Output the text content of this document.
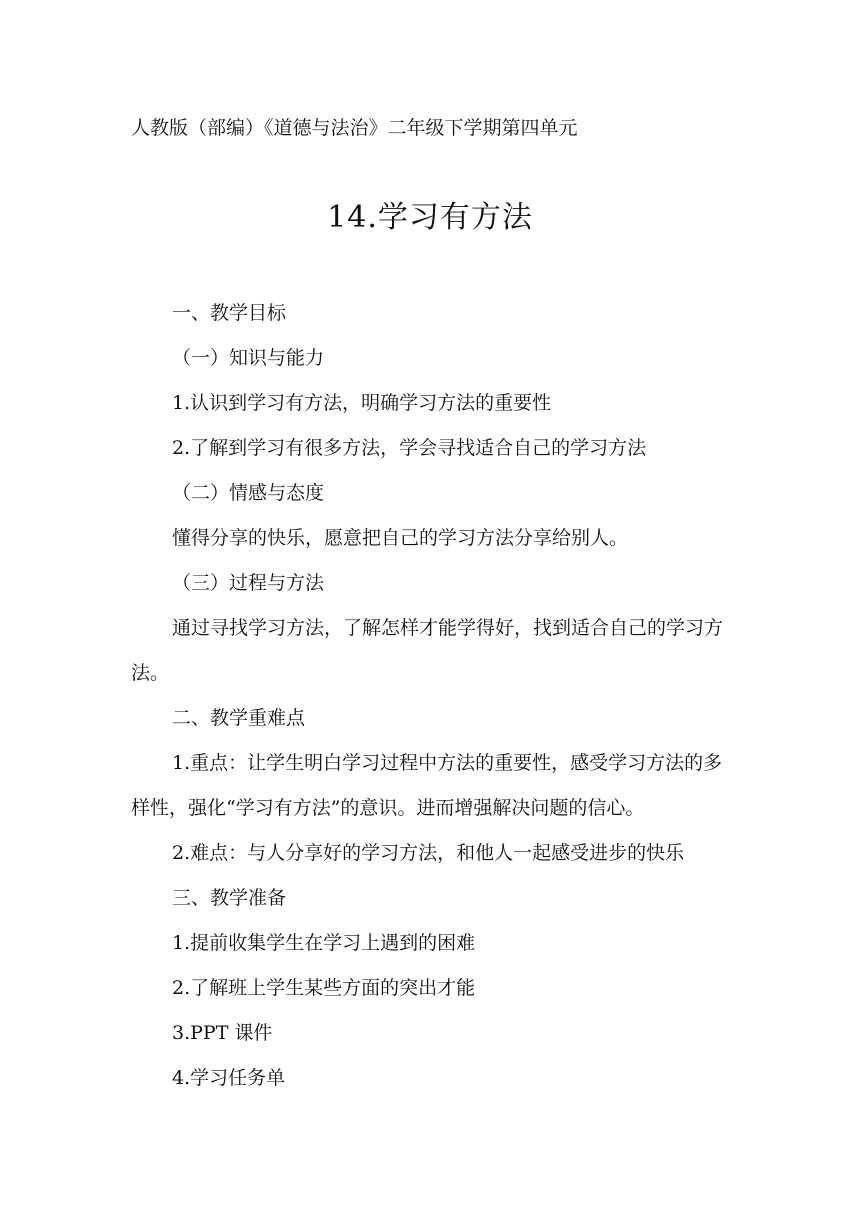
人教版（部编）《道德与法治》二年级下学期第四单元
14.学习有方法

一、教学目标

（一）知识与能力

1.认识到学习有方法，明确学习方法的重要性

2.了解到学习有很多方法，学会寻找适合自己的学习方法

（二）情感与态度

懂得分享的快乐，愿意把自己的学习方法分享给别人。

（三）过程与方法

通过寻找学习方法，了解怎样才能学得好，找到适合自己的学习方法。

二、教学重难点

1.重点：让学生明白学习过程中方法的重要性，感受学习方法的多样性，强化“学习有方法”的意识。进而增强解决问题的信心。

2.难点：与人分享好的学习方法，和他人一起感受进步的快乐

三、教学准备

1.提前收集学生在学习上遇到的困难

2.了解班上学生某些方面的突出才能

3.PPT 课件

4.学习任务单
